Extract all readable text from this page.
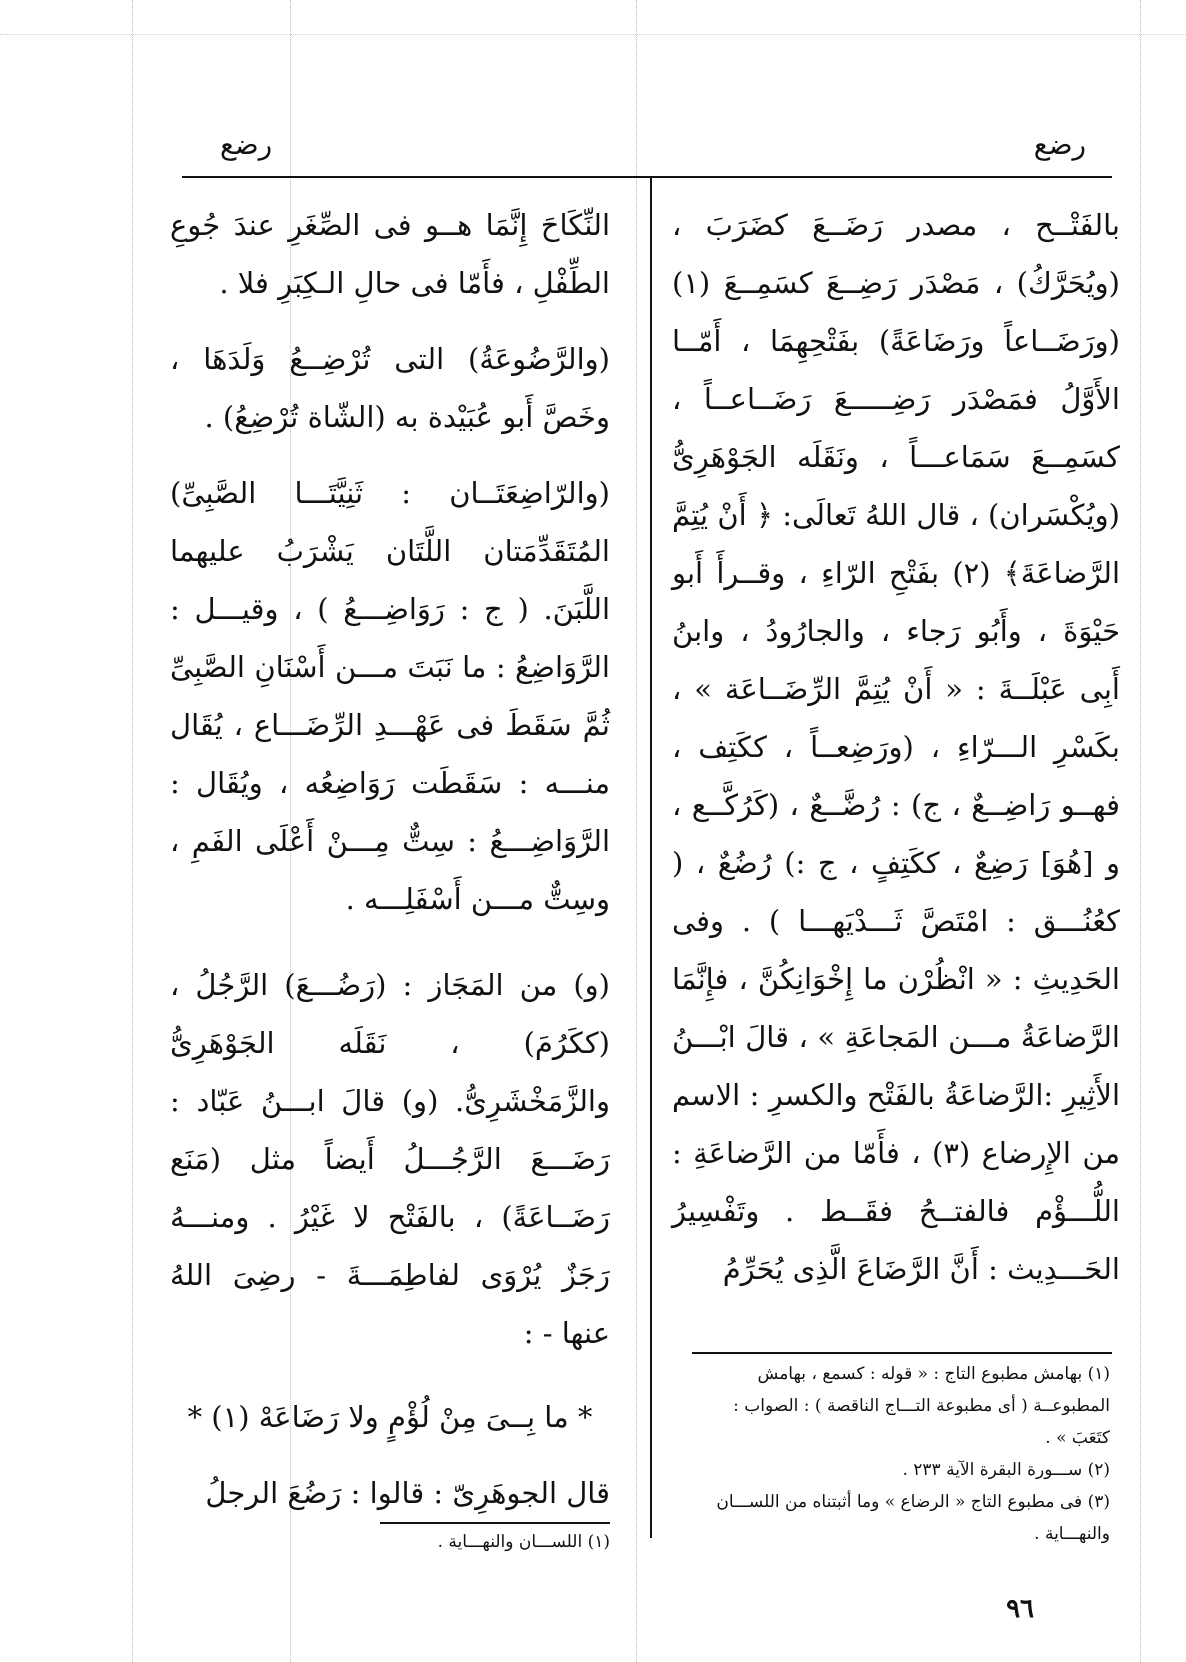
رضع
رضع

بالفَتْــح ، مصدر رَضَــعَ كضَرَبَ ، (ويُحَرَّكُ) ، مَصْدَر رَضِــعَ كسَمِــعَ (١) (ورَضَــاعاً ورَضَاعَةً) بفَتْحِهِمَا ، أَمّــا الأَوَّلُ فمَصْدَر رَضِـــــعَ رَضَــاعــاً ، كسَمِــعَ سَمَاعـــاً ، ونَقَلَه الجَوْهَرِىُّ (ويُكْسَران) ، قال اللهُ تَعالَى: ﴿ أَنْ يُتِمَّ الرَّضاعَةَ﴾ (٢) بفَتْحِ الرّاءِ ، وقــرأَ أَبو حَيْوَةَ ، وأَبُو رَجاء ، والجارُودُ ، وابنُ أَبِى عَبْلَــةَ : « أَنْ يُتِمَّ الرِّضَــاعَة » ، بكَسْرِ الـــرّاءِ ، (ورَضِعــاً ، ككَتِف ، فهــو رَاضِــعٌ ، ج) : رُضَّــعٌ ، (كَرُكَّــع ، و [هُوَ] رَضِعٌ ، ككَتِفٍ ، ج :) رُضُعٌ ، ( كعُنُـــق : امْتَصَّ ثَـــدْيَهـــا ) . وفى الحَدِيثِ : « انْظُرْن ما إِخْوَانِكُنَّ ، فإِنَّمَا الرَّضاعَةُ مـــن المَجاعَةِ » ، قالَ ابْـــنُ الأَثِيرِ :الرَّضاعَةُ بالفَتْح والكسرِ : الاسم من الإِرضاع (٣) ، فأَمّا من الرَّضاعَةِ : اللُّـــؤْم فالفتــحُ فقَــط . وتَفْسِيرُ الحَـــدِيث : أَنَّ الرَّضَاعَ الَّذِى يُحَرِّمُ

النِّكَاحَ إِنَّمَا هــو فى الصِّغَرِ عندَ جُوعِ الطِّفْلِ ، فأَمّا فى حالِ الـكِبَرِ فلا .

(والرَّضُوعَةُ) التى تُرْضِــعُ وَلَدَهَا ، وخَصَّ أَبو عُبَيْدة به (الشّاة تُرْضِعُ) .

(والرّاضِعَتَــان : ثَنِيَّتَـــا الصَّبِىِّ) المُتَقَدِّمَتان اللَّتَان يَشْرَبُ عليهما اللَّبَنَ. ( ج : رَوَاضِـــعُ ) ، وقيـــل : الرَّوَاضِعُ : ما نَبَتَ مـــن أَسْنَانِ الصَّبِىِّ ثُمَّ سَقَطَ فى عَهْـــدِ الرِّضَـــاع ، يُقَال منـــه : سَقَطَت رَوَاضِعُه ، ويُقَال : الرَّوَاضِـــعُ : سِتٌّ مِـــنْ أَعْلَى الفَمِ ، وسِتٌّ مـــن أَسْفَلِـــه .

(و) من المَجَاز : (رَضُـــعَ) الرَّجُلُ ، (ككَرُمَ) ، نَقَلَه الجَوْهَرِىُّ والزَّمَخْشَرِىُّ. (و) قالَ ابـــنُ عَبّاد : رَضَـــعَ الرَّجُـــلُ أَيضاً مثل (مَنَع رَضَــاعَةً) ، بالفَتْح لا غَيْرُ . ومنـــهُ رَجَزٌ يُرْوَى لفاطِمَـــةَ - رضِىَ اللهُ عنها - :

* ما بِــىَ مِنْ لُؤْمٍ ولا رَضَاعَهْ (١) *

قال الجوهَرِىّ : قالوا : رَضُعَ الرجلُ

(١) بهامش مطبوع التاج : « قوله : كسمع ، بهامش المطبوعــة ( أى مطبوعة التـــاج الناقصة ) : الصواب : كتَعَبَ » .

(٢) ســـورة البقرة الآية ٢٣٣ .

(٣) فى مطبوع التاج « الرضاع » وما أثبتناه من اللســـان والنهـــاية .

(١) اللســـان والنهـــاية .

٩٦
